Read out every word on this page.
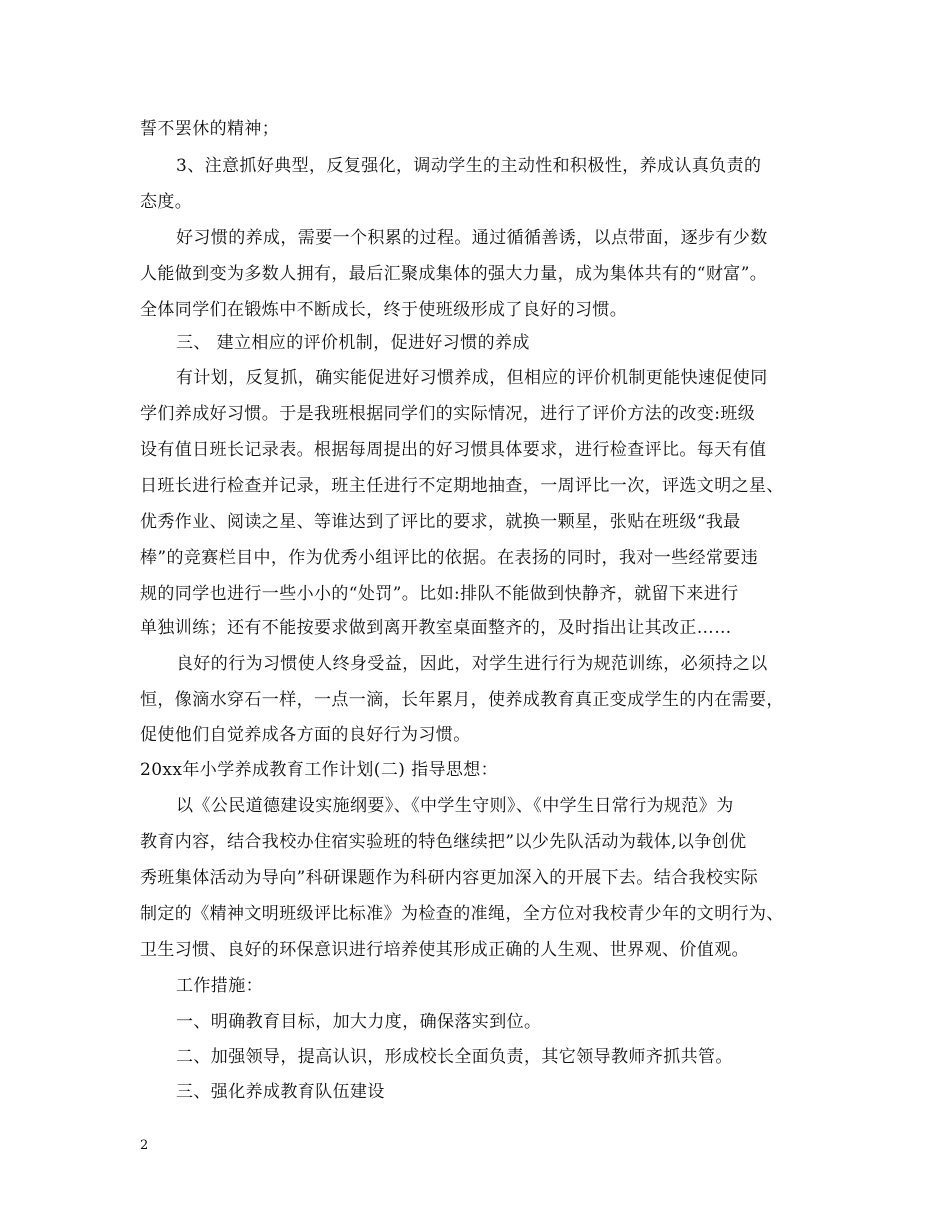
誓不罢休的精神；
3、注意抓好典型，反复强化，调动学生的主动性和积极性，养成认真负责的
态度。
好习惯的养成，需要一个积累的过程。通过循循善诱，以点带面，逐步有少数
人能做到变为多数人拥有，最后汇聚成集体的强大力量，成为集体共有的“财富”。
全体同学们在锻炼中不断成长，终于使班级形成了良好的习惯。
三、 建立相应的评价机制，促进好习惯的养成
有计划，反复抓，确实能促进好习惯养成，但相应的评价机制更能快速促使同
学们养成好习惯。于是我班根据同学们的实际情况，进行了评价方法的改变:班级
设有值日班长记录表。根据每周提出的好习惯具体要求，进行检查评比。每天有值
日班长进行检查并记录，班主任进行不定期地抽查，一周评比一次，评选文明之星、
优秀作业、阅读之星、等谁达到了评比的要求，就换一颗星，张贴在班级“我最
棒”的竞赛栏目中，作为优秀小组评比的依据。在表扬的同时，我对一些经常要违
规的同学也进行一些小小的“处罚”。比如:排队不能做到快静齐，就留下来进行
单独训练；还有不能按要求做到离开教室桌面整齐的，及时指出让其改正……
良好的行为习惯使人终身受益，因此，对学生进行行为规范训练，必须持之以
恒，像滴水穿石一样，一点一滴，长年累月，使养成教育真正变成学生的内在需要，
促使他们自觉养成各方面的良好行为习惯。
20xx年小学养成教育工作计划(二) 指导思想：
以《公民道德建设实施纲要》、《中学生守则》、《中学生日常行为规范》为
教育内容，结合我校办住宿实验班的特色继续把”以少先队活动为载体,以争创优
秀班集体活动为导向”科研课题作为科研内容更加深入的开展下去。结合我校实际
制定的《精神文明班级评比标准》为检查的准绳，全方位对我校青少年的文明行为、
卫生习惯、良好的环保意识进行培养使其形成正确的人生观、世界观、价值观。
工作措施：
一、明确教育目标，加大力度，确保落实到位。
二、加强领导，提高认识，形成校长全面负责，其它领导教师齐抓共管。
三、强化养成教育队伍建设
2
